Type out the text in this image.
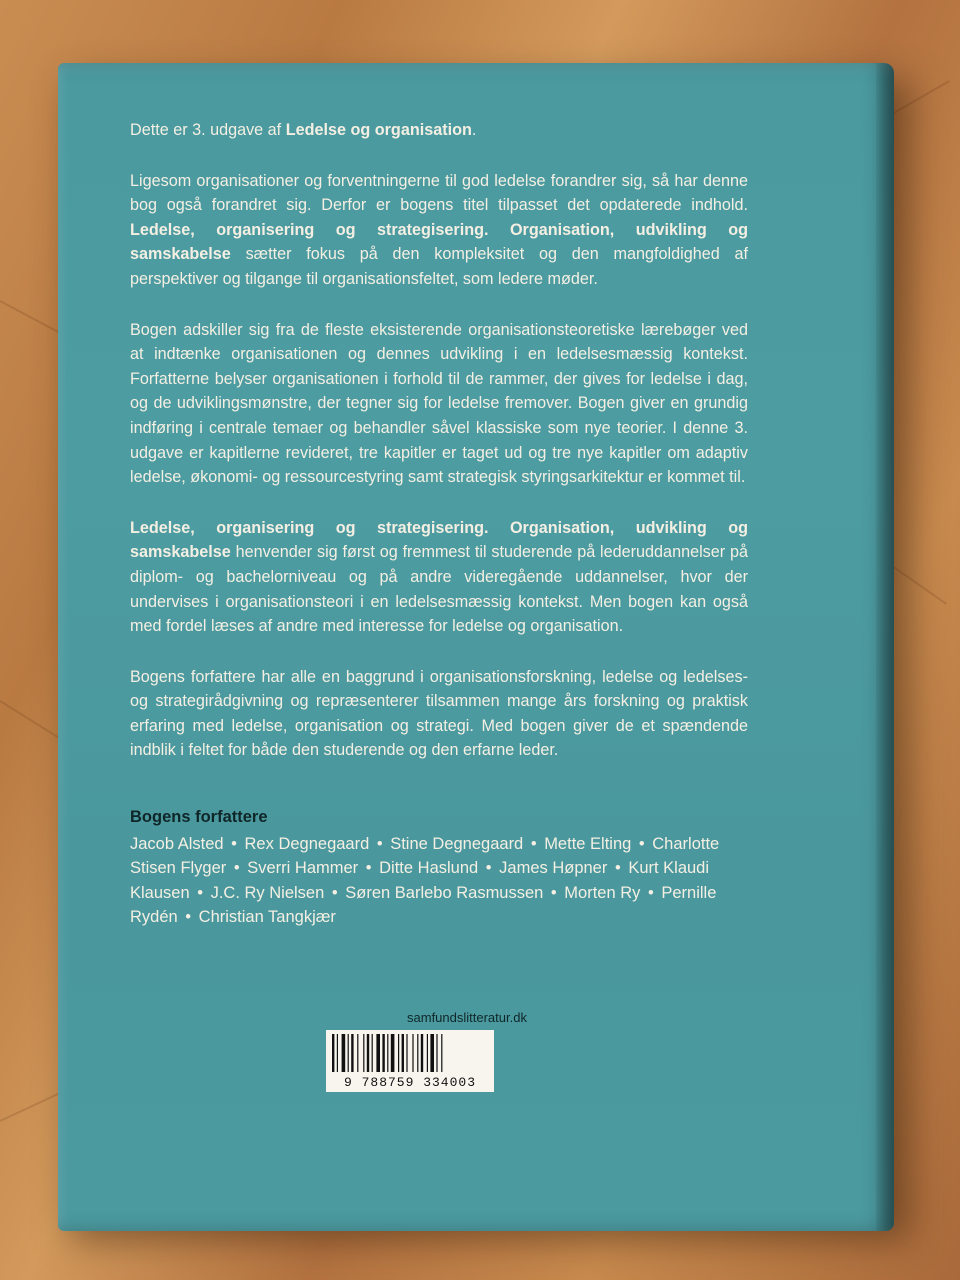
Dette er 3. udgave af Ledelse og organisation.

Ligesom organisationer og forventningerne til god ledelse forandrer sig, så har denne bog også forandret sig. Derfor er bogens titel tilpasset det opdaterede indhold. Ledelse, organisering og strategisering. Organisation, udvikling og samskabelse sætter fokus på den kompleksitet og den mangfoldighed af perspektiver og tilgange til organisationsfeltet, som ledere møder.

Bogen adskiller sig fra de fleste eksisterende organisationsteoretiske lærebøger ved at indtænke organisationen og dennes udvikling i en ledelsesmæssig kontekst. Forfatterne belyser organisationen i forhold til de rammer, der gives for ledelse i dag, og de udviklingsmønstre, der tegner sig for ledelse fremover. Bogen giver en grundig indføring i centrale temaer og behandler såvel klassiske som nye teorier. I denne 3. udgave er kapitlerne revideret, tre kapitler er taget ud og tre nye kapitler om adaptiv ledelse, økonomi- og ressourcestyring samt strategisk styringsarkitektur er kommet til.

Ledelse, organisering og strategisering. Organisation, udvikling og samskabelse henvender sig først og fremmest til studerende på lederuddannelser på diplom- og bachelorniveau og på andre videregående uddannelser, hvor der undervises i organisationsteori i en ledelsesmæssig kontekst. Men bogen kan også med fordel læses af andre med interesse for ledelse og organisation.

Bogens forfattere har alle en baggrund i organisationsforskning, ledelse og ledelses- og strategirådgivning og repræsenterer tilsammen mange års forskning og praktisk erfaring med ledelse, organisation og strategi. Med bogen giver de et spændende indblik i feltet for både den studerende og den erfarne leder.

Bogens forfattere

Jacob Alsted • Rex Degnegaard • Stine Degnegaard • Mette Elting • Charlotte Stisen Flyger • Sverri Hammer • Ditte Haslund • James Høpner • Kurt Klaudi Klausen • J.C. Ry Nielsen • Søren Barlebo Rasmussen • Morten Ry • Pernille Rydén • Christian Tangkjær

samfundslitteratur.dk
9 788759 334003
